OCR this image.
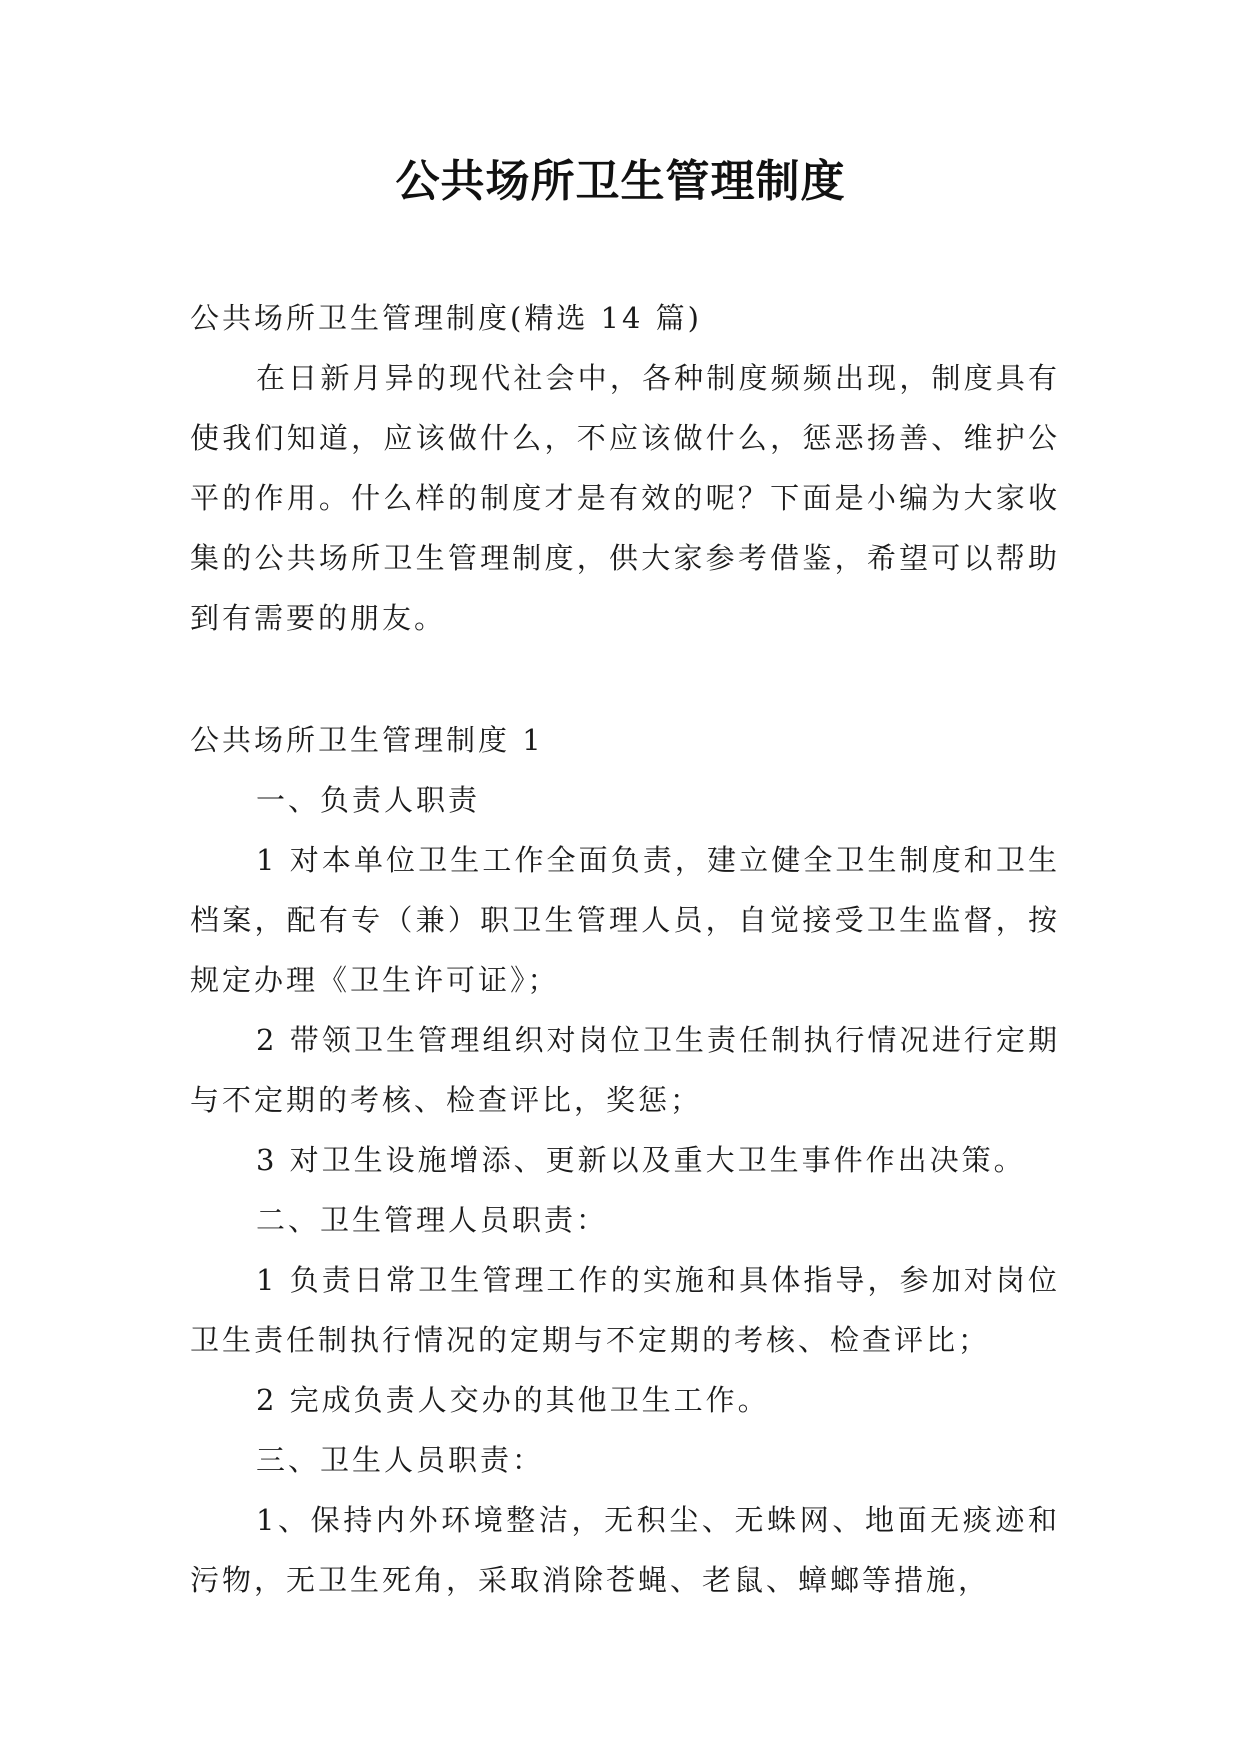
公共场所卫生管理制度

公共场所卫生管理制度(精选 14 篇)

在日新月异的现代社会中，各种制度频频出现，制度具有使我们知道，应该做什么，不应该做什么，惩恶扬善、维护公平的作用。什么样的制度才是有效的呢？下面是小编为大家收集的公共场所卫生管理制度，供大家参考借鉴，希望可以帮助到有需要的朋友。

公共场所卫生管理制度 1

一、负责人职责

1 对本单位卫生工作全面负责，建立健全卫生制度和卫生档案，配有专（兼）职卫生管理人员，自觉接受卫生监督，按规定办理《卫生许可证》；

2 带领卫生管理组织对岗位卫生责任制执行情况进行定期与不定期的考核、检查评比，奖惩；

3 对卫生设施增添、更新以及重大卫生事件作出决策。

二、卫生管理人员职责：

1 负责日常卫生管理工作的实施和具体指导，参加对岗位卫生责任制执行情况的定期与不定期的考核、检查评比；

2 完成负责人交办的其他卫生工作。

三、卫生人员职责：

1、保持内外环境整洁，无积尘、无蛛网、地面无痰迹和污物，无卫生死角，采取消除苍蝇、老鼠、蟑螂等措施，
